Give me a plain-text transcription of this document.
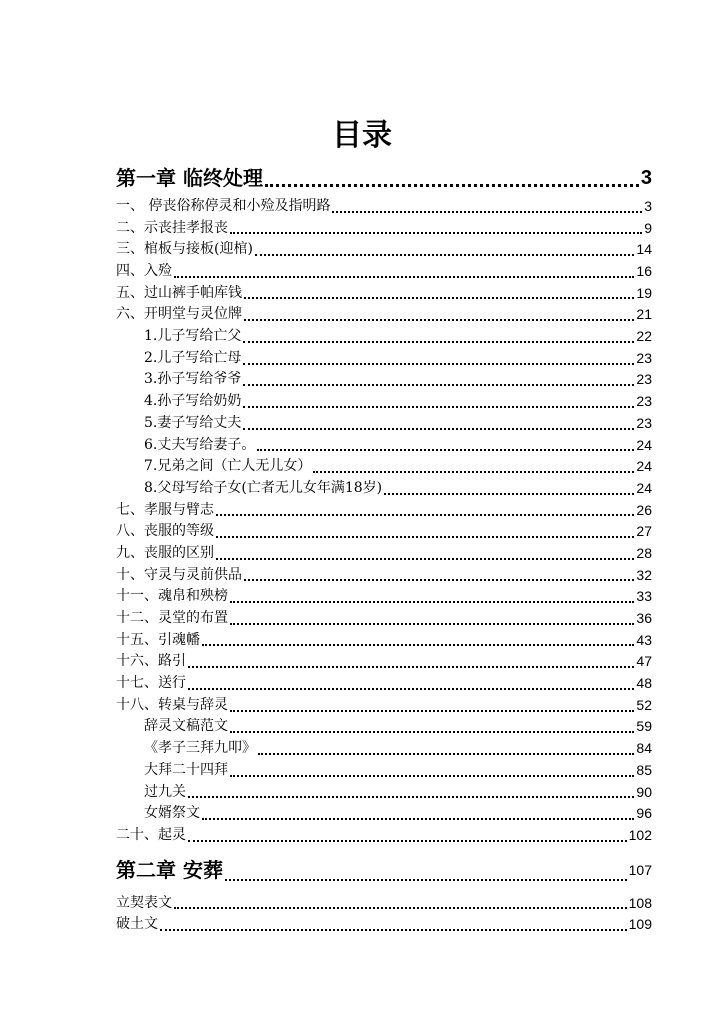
目录
第一章 临终处理	3
一、 停丧俗称停灵和小殓及指明路	3
二、示丧挂孝报丧	9
三、棺板与接板(迎棺)	14
四、入殓	16
五、过山裤手帕库钱	19
六、开明堂与灵位牌	21
1.儿子写给亡父	22
2.儿子写给亡母	23
3.孙子写给爷爷	23
4.孙子写给奶奶	23
5.妻子写给丈夫	23
6.丈夫写给妻子。	24
7.兄弟之间（亡人无儿女）	24
8.父母写给子女(亡者无儿女年满18岁)	24
七、孝服与臂志	26
八、丧服的等级	27
九、丧服的区别	28
十、守灵与灵前供品	32
十一、魂帛和殃榜	33
十二、灵堂的布置	36
十五、引魂幡	43
十六、路引	47
十七、送行	48
十八、转桌与辞灵	52
辞灵文稿范文	59
《孝子三拜九叩》	84
大拜二十四拜	85
过九关	90
女婿祭文	96
二十、起灵	102
第二章 安葬	107
立契表文	108
破土文	109
